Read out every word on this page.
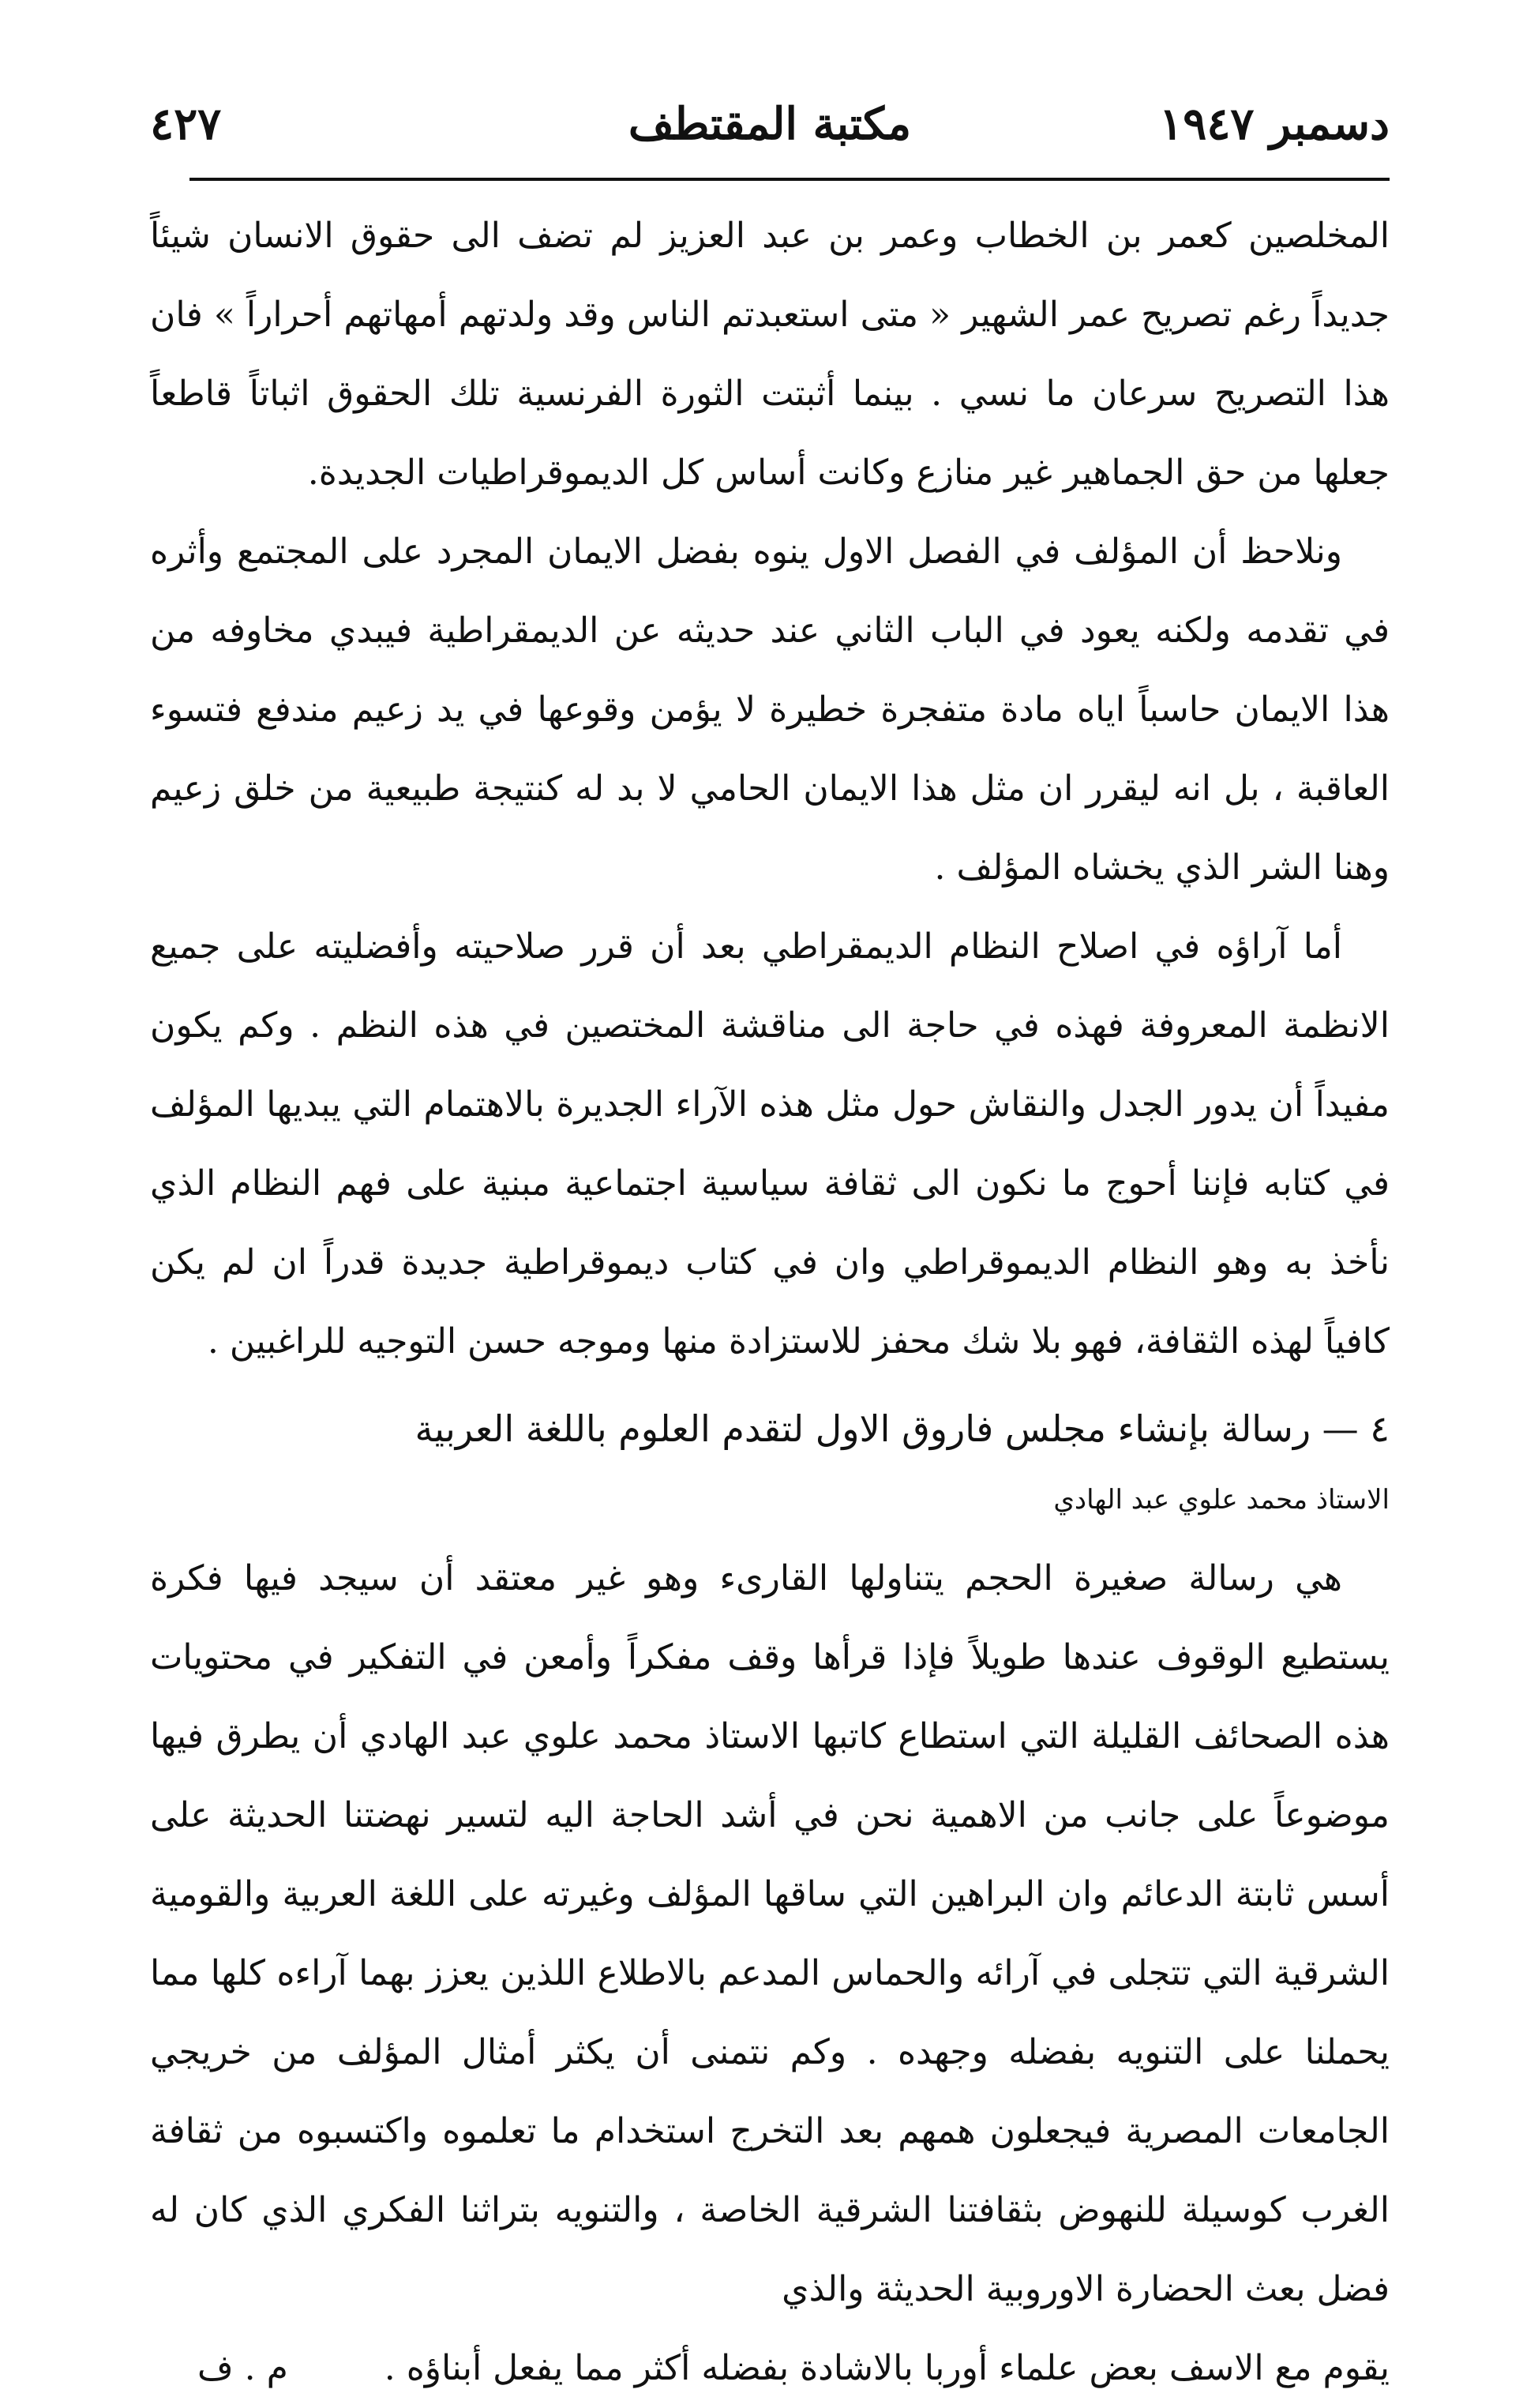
دسمبر ١٩٤٧
مكتبة المقتطف
٤٢٧

المخلصين كعمر بن الخطاب وعمر بن عبد العزيز لم تضف الى حقوق الانسان شيئاً جديداً رغم تصريح عمر الشهير « متى استعبدتم الناس وقد ولدتهم أمهاتهم أحراراً » فان هذا التصريح سرعان ما نسي . بينما أثبتت الثورة الفرنسية تلك الحقوق اثباتاً قاطعاً جعلها من حق الجماهير غير منازع وكانت أساس كل الديموقراطيات الجديدة.

ونلاحظ أن المؤلف في الفصل الاول ينوه بفضل الايمان المجرد على المجتمع وأثره في تقدمه ولكنه يعود في الباب الثاني عند حديثه عن الديمقراطية فيبدي مخاوفه من هذا الايمان حاسباً اياه مادة متفجرة خطيرة لا يؤمن وقوعها في يد زعيم مندفع فتسوء العاقبة ، بل انه ليقرر ان مثل هذا الايمان الحامي لا بد له كنتيجة طبيعية من خلق زعيم وهنا الشر الذي يخشاه المؤلف .

أما آراؤه في اصلاح النظام الديمقراطي بعد أن قرر صلاحيته وأفضليته على جميع الانظمة المعروفة فهذه في حاجة الى مناقشة المختصين في هذه النظم . وكم يكون مفيداً أن يدور الجدل والنقاش حول مثل هذه الآراء الجديرة بالاهتمام التي يبديها المؤلف في كتابه فإننا أحوج ما نكون الى ثقافة سياسية اجتماعية مبنية على فهم النظام الذي نأخذ به وهو النظام الديموقراطي وان في كتاب ديموقراطية جديدة قدراً ان لم يكن كافياً لهذه الثقافة، فهو بلا شك محفز للاستزادة منها وموجه حسن التوجيه للراغبين .

٤ — رسالة بإنشاء مجلس فاروق الاول لتقدم العلوم باللغة العربية
الاستاذ محمد علوي عبد الهادي

هي رسالة صغيرة الحجم يتناولها القارىء وهو غير معتقد أن سيجد فيها فكرة يستطيع الوقوف عندها طويلاً فإذا قرأها وقف مفكراً وأمعن في التفكير في محتويات هذه الصحائف القليلة التي استطاع كاتبها الاستاذ محمد علوي عبد الهادي أن يطرق فيها موضوعاً على جانب من الاهمية نحن في أشد الحاجة اليه لتسير نهضتنا الحديثة على أسس ثابتة الدعائم وان البراهين التي ساقها المؤلف وغيرته على اللغة العربية والقومية الشرقية التي تتجلى في آرائه والحماس المدعم بالاطلاع اللذين يعزز بهما آراءه كلها مما يحملنا على التنويه بفضله وجهده . وكم نتمنى أن يكثر أمثال المؤلف من خريجي الجامعات المصرية فيجعلون همهم بعد التخرج استخدام ما تعلموه واكتسبوه من ثقافة الغرب كوسيلة للنهوض بثقافتنا الشرقية الخاصة ، والتنويه بتراثنا الفكري الذي كان له فضل بعث الحضارة الاوروبية الحديثة والذي

يقوم مع الاسف بعض علماء أوربا بالاشادة بفضله أكثر مما يفعل أبناؤه .
م . ف
